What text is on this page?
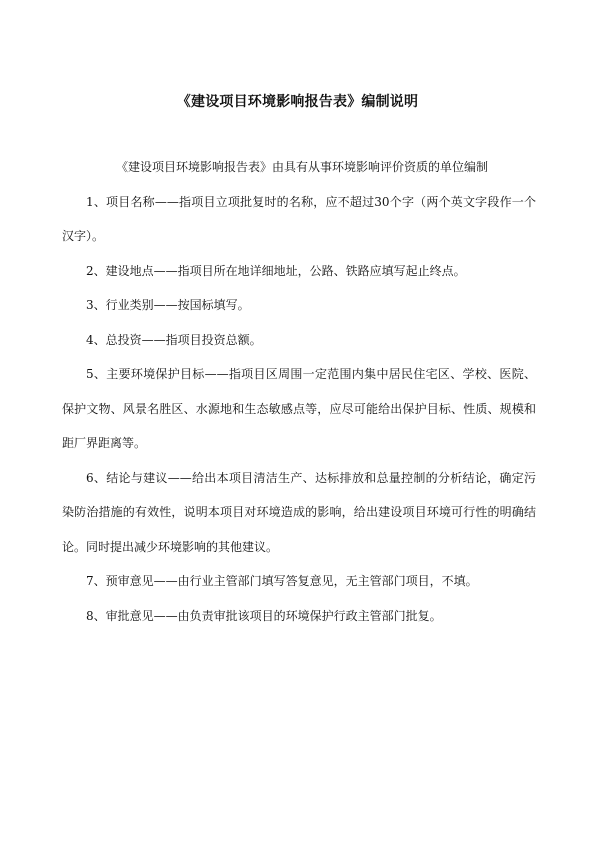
《建设项目环境影响报告表》编制说明

《建设项目环境影响报告表》由具有从事环境影响评价资质的单位编制

1、项目名称——指项目立项批复时的名称，应不超过30个字（两个英文字段作一个汉字）。

2、建设地点——指项目所在地详细地址，公路、铁路应填写起止终点。

3、行业类别——按国标填写。

4、总投资——指项目投资总额。

5、主要环境保护目标——指项目区周围一定范围内集中居民住宅区、学校、医院、保护文物、风景名胜区、水源地和生态敏感点等，应尽可能给出保护目标、性质、规模和距厂界距离等。

6、结论与建议——给出本项目清洁生产、达标排放和总量控制的分析结论，确定污染防治措施的有效性，说明本项目对环境造成的影响，给出建设项目环境可行性的明确结论。同时提出减少环境影响的其他建议。

7、预审意见——由行业主管部门填写答复意见，无主管部门项目，不填。

8、审批意见——由负责审批该项目的环境保护行政主管部门批复。
